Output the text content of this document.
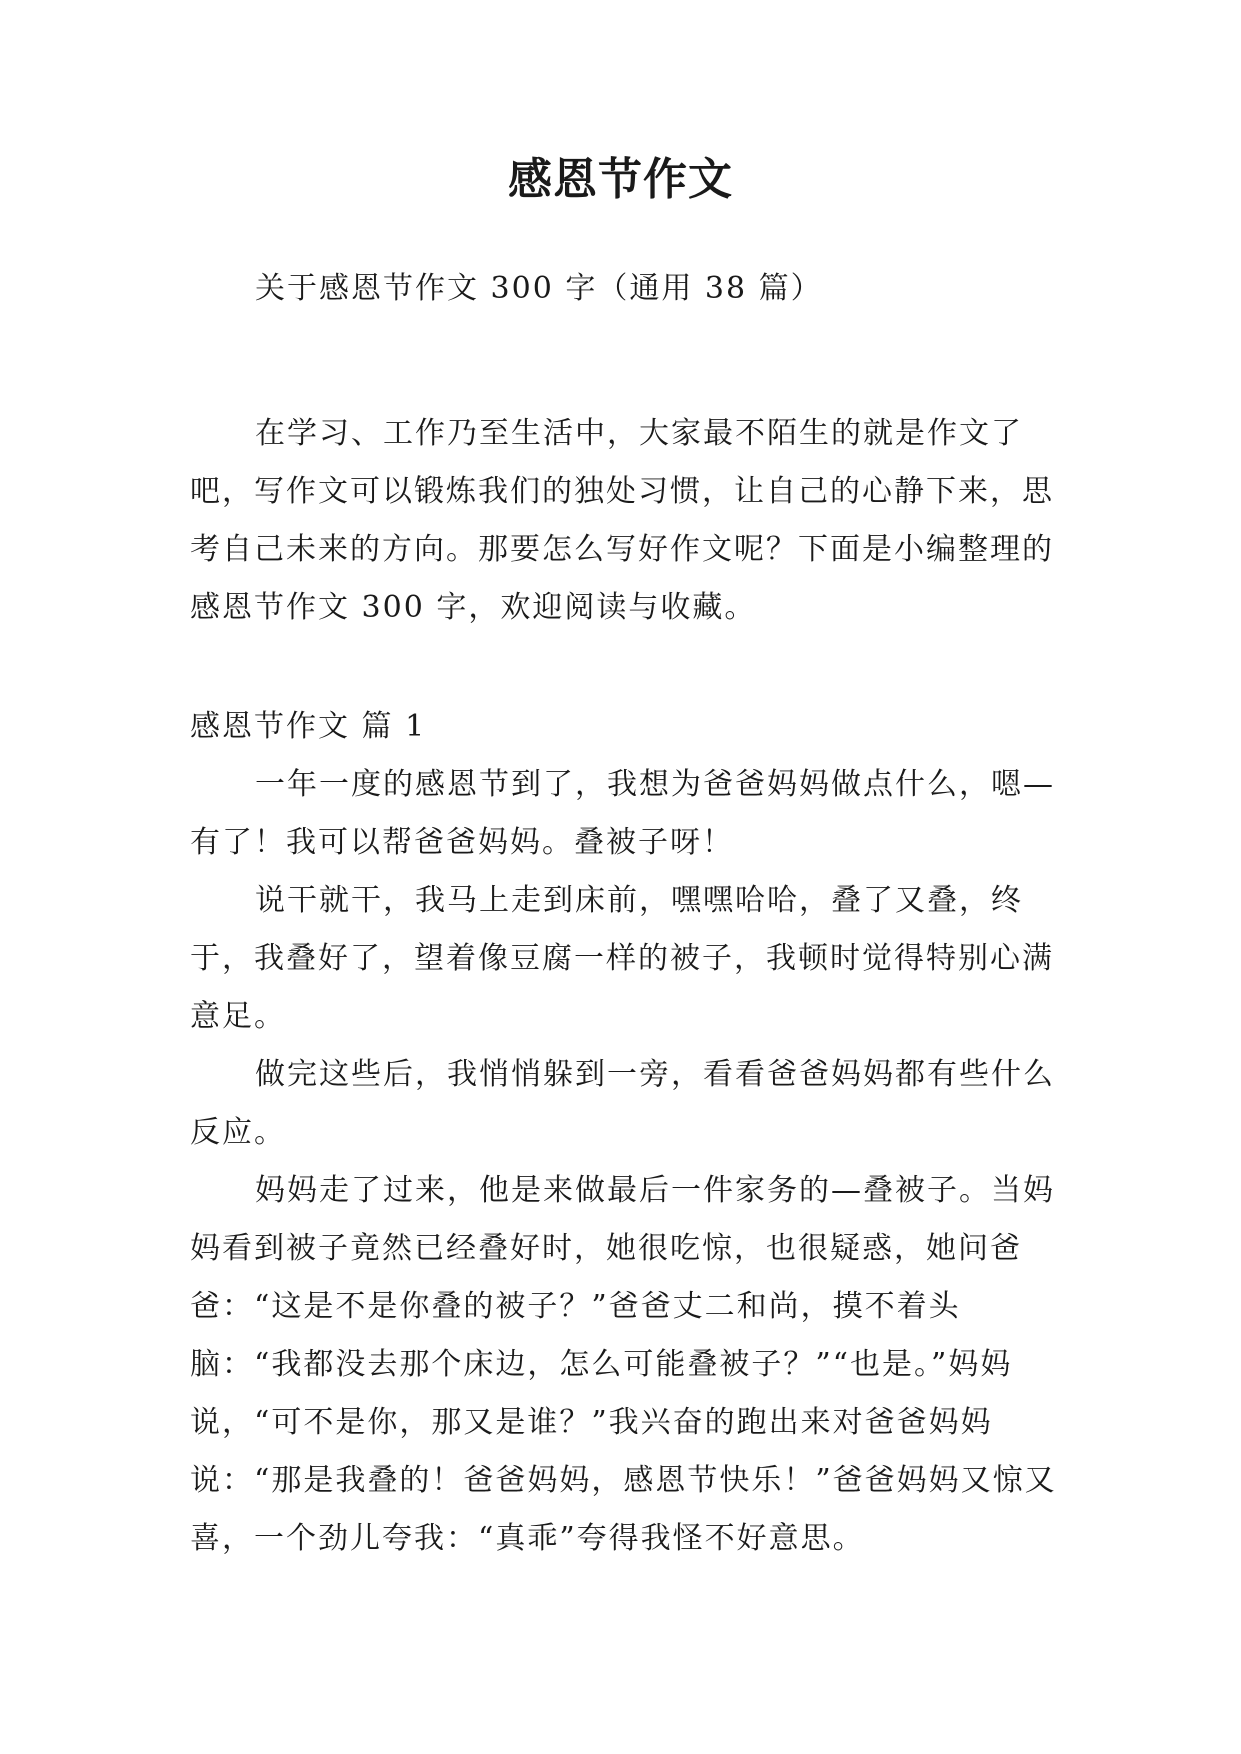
感恩节作文

关于感恩节作文 300 字（通用 38 篇）

在学习、工作乃至生活中，大家最不陌生的就是作文了吧，写作文可以锻炼我们的独处习惯，让自己的心静下来，思考自己未来的方向。那要怎么写好作文呢？下面是小编整理的感恩节作文 300 字，欢迎阅读与收藏。

感恩节作文 篇 1

一年一度的感恩节到了，我想为爸爸妈妈做点什么，嗯—有了！我可以帮爸爸妈妈。叠被子呀！

说干就干，我马上走到床前，嘿嘿哈哈，叠了又叠，终于，我叠好了，望着像豆腐一样的被子，我顿时觉得特别心满意足。

做完这些后，我悄悄躲到一旁，看看爸爸妈妈都有些什么反应。

妈妈走了过来，他是来做最后一件家务的—叠被子。当妈妈看到被子竟然已经叠好时，她很吃惊，也很疑惑，她问爸爸：“这是不是你叠的被子？”爸爸丈二和尚，摸不着头脑：“我都没去那个床边，怎么可能叠被子？”“也是。”妈妈说，“可不是你，那又是谁？”我兴奋的跑出来对爸爸妈妈说：“那是我叠的！爸爸妈妈，感恩节快乐！”爸爸妈妈又惊又喜，一个劲儿夸我：“真乖”夸得我怪不好意思。
